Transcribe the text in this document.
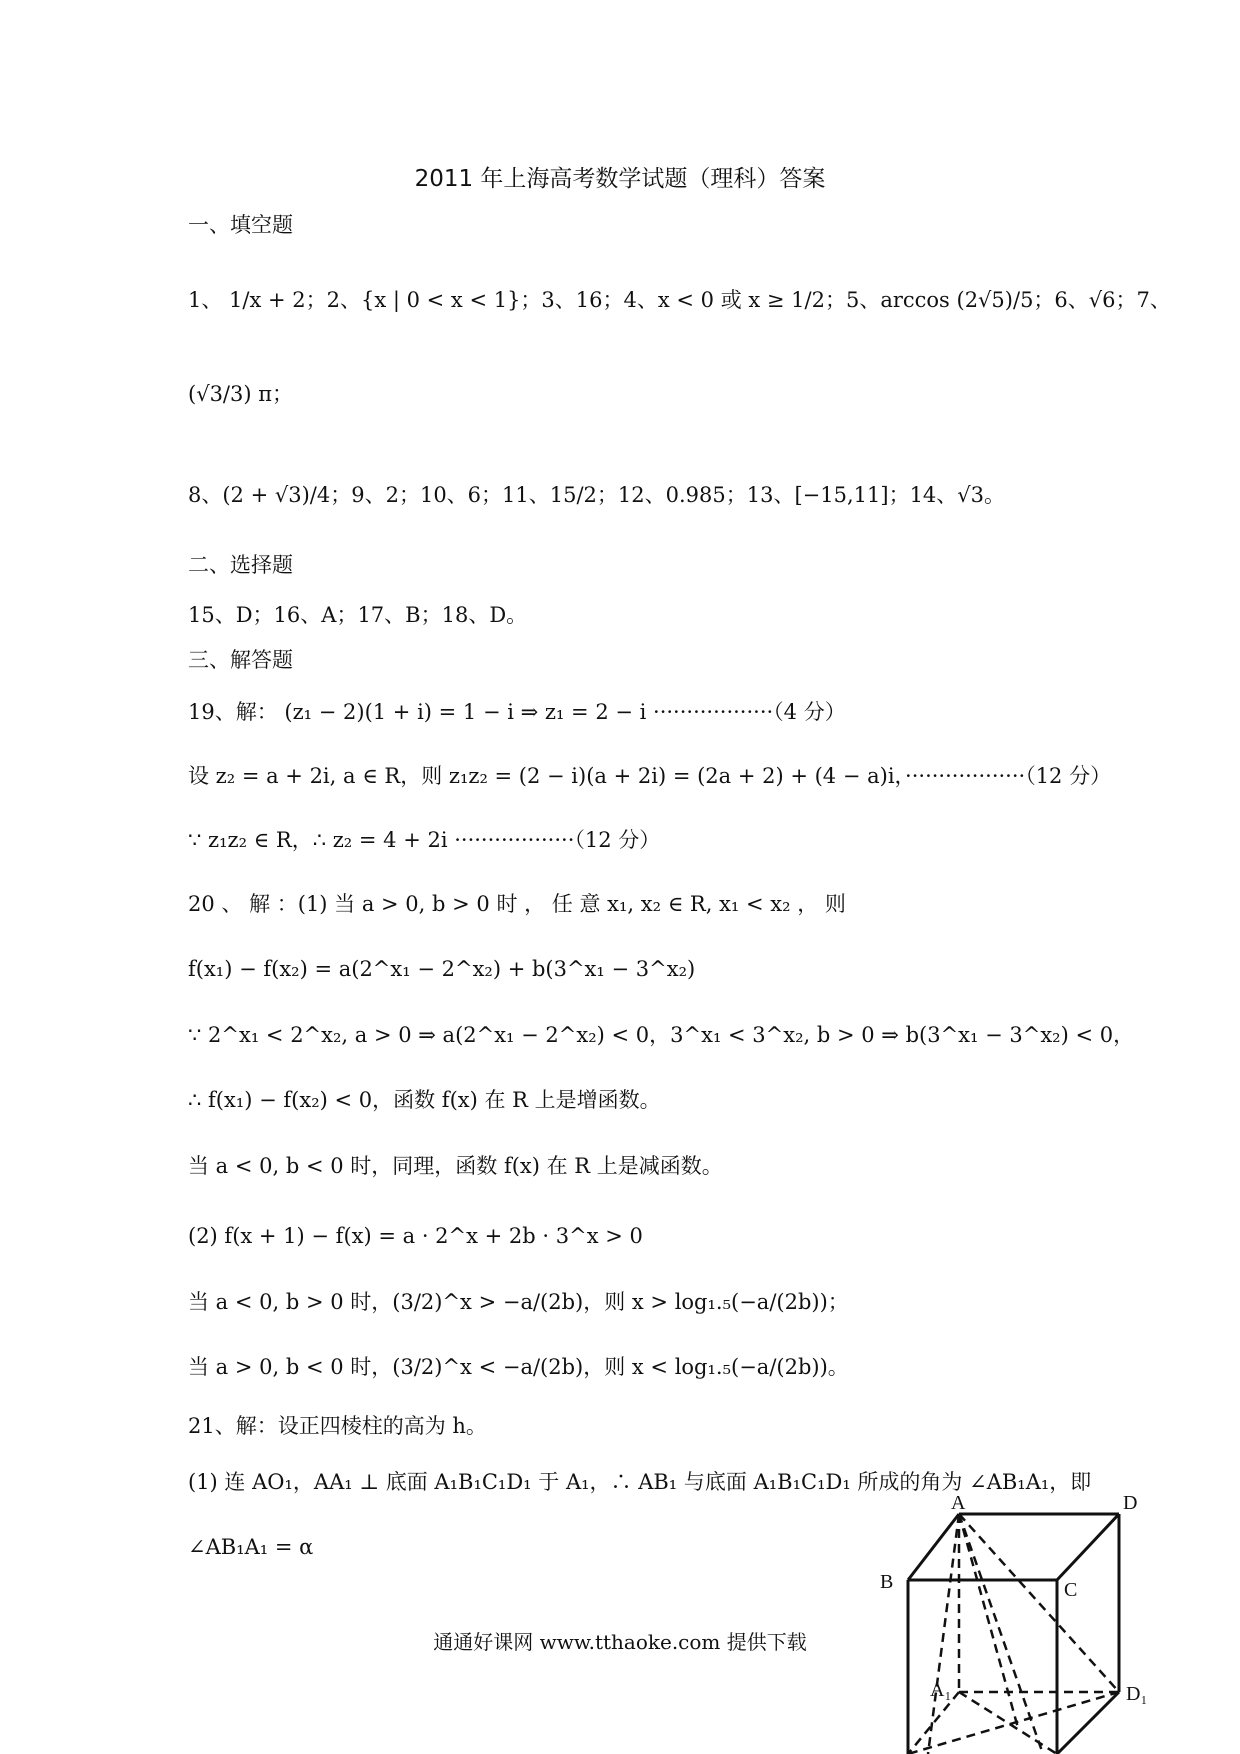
2011 年上海高考数学试题（理科）答案
一、填空题
1、 1/x + 2；2、{x | 0 < x < 1}；3、16；4、x < 0 或 x ≥ 1/2；5、arccos (2√5)/5；6、√6；7、
(√3/3) π；
8、(2 + √3)/4；9、2；10、6；11、15/2；12、0.985；13、[−15,11]；14、√3。
二、选择题
15、D；16、A；17、B；18、D。
三、解答题
19、解： (z₁ − 2)(1 + i) = 1 − i ⇒ z₁ = 2 − i ··················（4 分）
设 z₂ = a + 2i, a ∈ R，则 z₁z₂ = (2 − i)(a + 2i) = (2a + 2) + (4 − a)i，··················（12 分）
∵ z₁z₂ ∈ R，∴ z₂ = 4 + 2i ··················（12 分）
20 、 解 ：(1) 当 a > 0, b > 0 时 ， 任 意 x₁, x₂ ∈ R, x₁ < x₂ ， 则
f(x₁) − f(x₂) = a(2^x₁ − 2^x₂) + b(3^x₁ − 3^x₂)
∵ 2^x₁ < 2^x₂, a > 0 ⇒ a(2^x₁ − 2^x₂) < 0，3^x₁ < 3^x₂, b > 0 ⇒ b(3^x₁ − 3^x₂) < 0，
∴ f(x₁) − f(x₂) < 0，函数 f(x) 在 R 上是增函数。
当 a < 0, b < 0 时，同理，函数 f(x) 在 R 上是减函数。
(2) f(x + 1) − f(x) = a · 2^x + 2b · 3^x > 0
当 a < 0, b > 0 时，(3/2)^x > −a/(2b)，则 x > log₁.₅(−a/(2b))；
当 a > 0, b < 0 时，(3/2)^x < −a/(2b)，则 x < log₁.₅(−a/(2b))。
21、解：设正四棱柱的高为 h。
(1) 连 AO₁，AA₁ ⊥ 底面 A₁B₁C₁D₁ 于 A₁，∴ AB₁ 与底面 A₁B₁C₁D₁ 所成的角为 ∠AB₁A₁，即
∠AB₁A₁ = α
通通好课网 www.tthaoke.com 提供下载
A	D
B	C
A₁	D₁
